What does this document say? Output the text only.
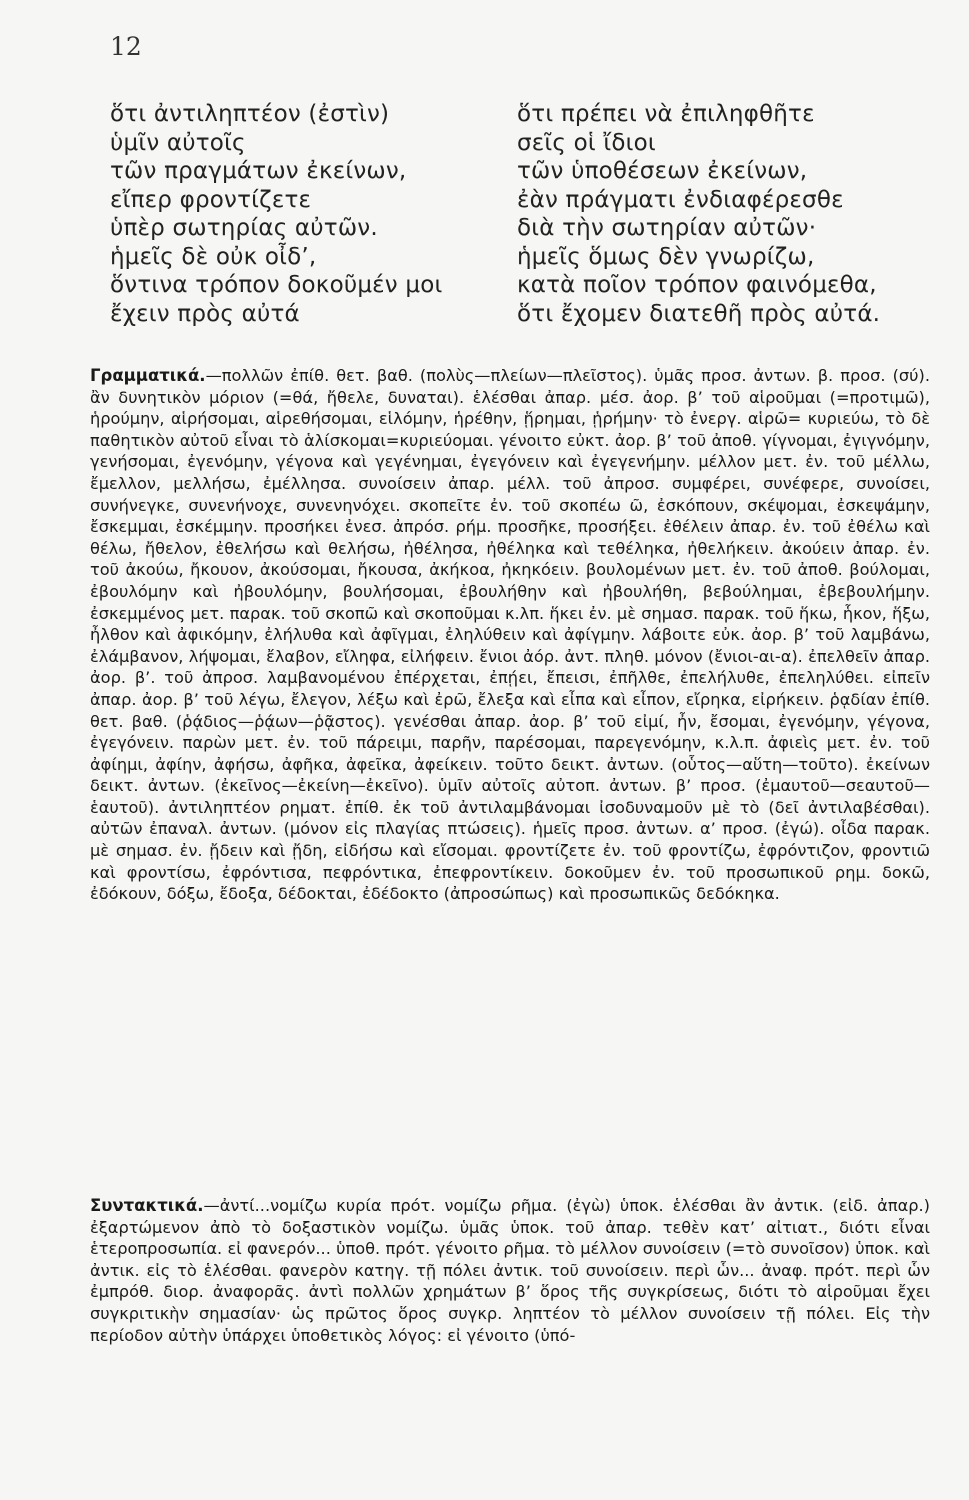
12
ὅτι ἀντιληπτέον (ἐστὶν)
ὑμῖν αὐτοῖς
τῶν πραγμάτων ἐκείνων,
εἴπερ φροντίζετε
ὑπὲρ σωτηρίας αὐτῶν.
ἡμεῖς δὲ οὐκ οἶδ’,
ὅντινα τρόπον δοκοῦμέν μοι
ἔχειν πρὸς αὐτά
ὅτι πρέπει νὰ ἐπιληφθῆτε
σεῖς οἱ ἴδιοι
τῶν ὑποθέσεων ἐκείνων,
ἐὰν πράγματι ἐνδιαφέρεσθε
διὰ τὴν σωτηρίαν αὐτῶν·
ἡμεῖς ὅμως δὲν γνωρίζω,
κατὰ ποῖον τρόπον φαινόμεθα,
ὅτι ἔχομεν διατεθῆ πρὸς αὐτά.
Γραμματικά.—πολλῶν ἐπίθ. θετ. βαθ. (πολὺς—πλείων—πλεῖστος). ὑμᾶς προσ. ἀντων. β. προσ. (σύ). ἂν δυνητικὸν μόριον (=θά, ἤθελε, δυναται). ἑλέσθαι ἀπαρ. μέσ. ἀορ. β’ τοῦ αἱροῦμαι (=προτιμῶ), ἡρούμην, αἱρήσομαι, αἱρεθήσομαι, εἱλόμην, ἡρέθην, ᾕρημαι, ᾑρήμην· τὸ ἐνεργ. αἱρῶ= κυριεύω, τὸ δὲ παθητικὸν αὐτοῦ εἶναι τὸ ἁλίσκομαι=κυριεύομαι. γένοιτο εὐκτ. ἀορ. β’ τοῦ ἀποθ. γίγνομαι, ἐγιγνόμην, γενήσομαι, ἐγενόμην, γέγονα καὶ γεγένημαι, ἐγεγόνειν καὶ ἐγεγενήμην. μέλλον μετ. ἐν. τοῦ μέλλω, ἔμελλον, μελλήσω, ἐμέλλησα. συνοίσειν ἀπαρ. μέλλ. τοῦ ἀπροσ. συμφέρει, συνέφερε, συνοίσει, συνήνεγκε, συνενήνοχε, συνενηνόχει. σκοπεῖτε ἐν. τοῦ σκοπέω ῶ, ἐσκόπουν, σκέψομαι, ἐσκεψάμην, ἔσκεμμαι, ἐσκέμμην. προσήκει ἐνεσ. ἀπρόσ. ρήμ. προσῆκε, προσήξει. ἐθέλειν ἀπαρ. ἐν. τοῦ ἐθέλω καὶ θέλω, ἤθελον, ἐθελήσω καὶ θελήσω, ἠθέλησα, ἠθέληκα καὶ τεθέληκα, ἠθελήκειν. ἀκούειν ἀπαρ. ἐν. τοῦ ἀκούω, ἤκουον, ἀκούσομαι, ἤκουσα, ἀκήκοα, ἠκηκόειν. βουλομένων μετ. ἐν. τοῦ ἀποθ. βούλομαι, ἐβουλόμην καὶ ἠβουλόμην, βουλήσομαι, ἐβουλήθην καὶ ἠβουλήθη, βεβούλημαι, ἐβεβουλήμην. ἐσκεμμένος μετ. παρακ. τοῦ σκοπῶ καὶ σκοποῦμαι κ.λπ. ἥκει ἐν. μὲ σημασ. παρακ. τοῦ ἥκω, ἧκον, ἥξω, ἦλθον καὶ ἀφικόμην, ἐλήλυθα καὶ ἀφῖγμαι, ἐληλύθειν καὶ ἀφίγμην. λάβοιτε εὐκ. ἀορ. β’ τοῦ λαμβάνω, ἐλάμβανον, λήψομαι, ἔλαβον, εἴληφα, εἰλήφειν. ἔνιοι ἀόρ. ἀντ. πληθ. μόνον (ἔνιοι-αι-α). ἐπελθεῖν ἀπαρ. ἀορ. β’. τοῦ ἀπροσ. λαμβανομένου ἐπέρχεται, ἐπῄει, ἔπεισι, ἐπῆλθε, ἐπελήλυθε, ἐπεληλύθει. εἰπεῖν ἀπαρ. ἀορ. β’ τοῦ λέγω, ἔλεγον, λέξω καὶ ἐρῶ, ἔλεξα καὶ εἶπα καὶ εἶπον, εἴρηκα, εἰρήκειν. ῥᾳδίαν ἐπίθ. θετ. βαθ. (ῥᾴδιος—ῥᾴων—ῥᾷστος). γενέσθαι ἀπαρ. ἀορ. β’ τοῦ εἰμί, ἦν, ἔσομαι, ἐγενόμην, γέγονα, ἐγεγόνειν. παρὼν μετ. ἐν. τοῦ πάρειμι, παρῆν, παρέσομαι, παρεγενόμην, κ.λ.π. ἀφιεὶς μετ. ἐν. τοῦ ἀφίημι, ἀφίην, ἀφήσω, ἀφῆκα, ἀφεῖκα, ἀφείκειν. τοῦτο δεικτ. ἀντων. (οὗτος—αὕτη—τοῦτο). ἐκείνων δεικτ. ἀντων. (ἐκεῖνος—ἐκείνη—ἐκεῖνο). ὑμῖν αὐτοῖς αὐτοπ. ἀντων. β’ προσ. (ἐμαυτοῦ—σεαυτοῦ—ἑαυτοῦ). ἀντιληπτέον ρηματ. ἐπίθ. ἐκ τοῦ ἀντιλαμβάνομαι ἰσοδυναμοῦν μὲ τὸ (δεῖ ἀντιλαβέσθαι). αὐτῶν ἐπαναλ. ἀντων. (μόνον εἰς πλαγίας πτώσεις). ἡμεῖς προσ. ἀντων. α’ προσ. (ἐγώ). οἶδα παρακ. μὲ σημασ. ἐν. ᾔδειν καὶ ᾔδη, εἰδήσω καὶ εἴσομαι. φροντίζετε ἐν. τοῦ φροντίζω, ἐφρόντιζον, φροντιῶ καὶ φροντίσω, ἐφρόντισα, πεφρόντικα, ἐπεφροντίκειν. δοκοῦμεν ἐν. τοῦ προσωπικοῦ ρημ. δοκῶ, ἐδόκουν, δόξω, ἔδοξα, δέδοκται, ἐδέδοκτο (ἀπροσώπως) καὶ προσωπικῶς δεδόκηκα.
Συντακτικά.—ἀντί...νομίζω κυρία πρότ. νομίζω ρῆμα. (ἐγὼ) ὑποκ. ἑλέσθαι ἂν ἀντικ. (εἰδ. ἀπαρ.) ἐξαρτώμενον ἀπὸ τὸ δοξαστικὸν νομίζω. ὑμᾶς ὑποκ. τοῦ ἀπαρ. τεθὲν κατ’ αἰτιατ., διότι εἶναι ἑτεροπροσωπία. εἰ φανερόν... ὑποθ. πρότ. γένοιτο ρῆμα. τὸ μέλλον συνοίσειν (=τὸ συνοῖσον) ὑποκ. καὶ ἀντικ. εἰς τὸ ἑλέσθαι. φανερὸν κατηγ. τῇ πόλει ἀντικ. τοῦ συνοίσειν. περὶ ὧν... ἀναφ. πρότ. περὶ ὧν ἐμπρόθ. διορ. ἀναφορᾶς. ἀντὶ πολλῶν χρημάτων β’ ὅρος τῆς συγκρίσεως, διότι τὸ αἱροῦμαι ἔχει συγκριτικὴν σημασίαν· ὡς πρῶτος ὅρος συγκρ. ληπτέον τὸ μέλλον συνοίσειν τῇ πόλει. Εἰς τὴν περίοδον αὐτὴν ὑπάρχει ὑποθετικὸς λόγος: εἰ γένοιτο (ὑπό-
